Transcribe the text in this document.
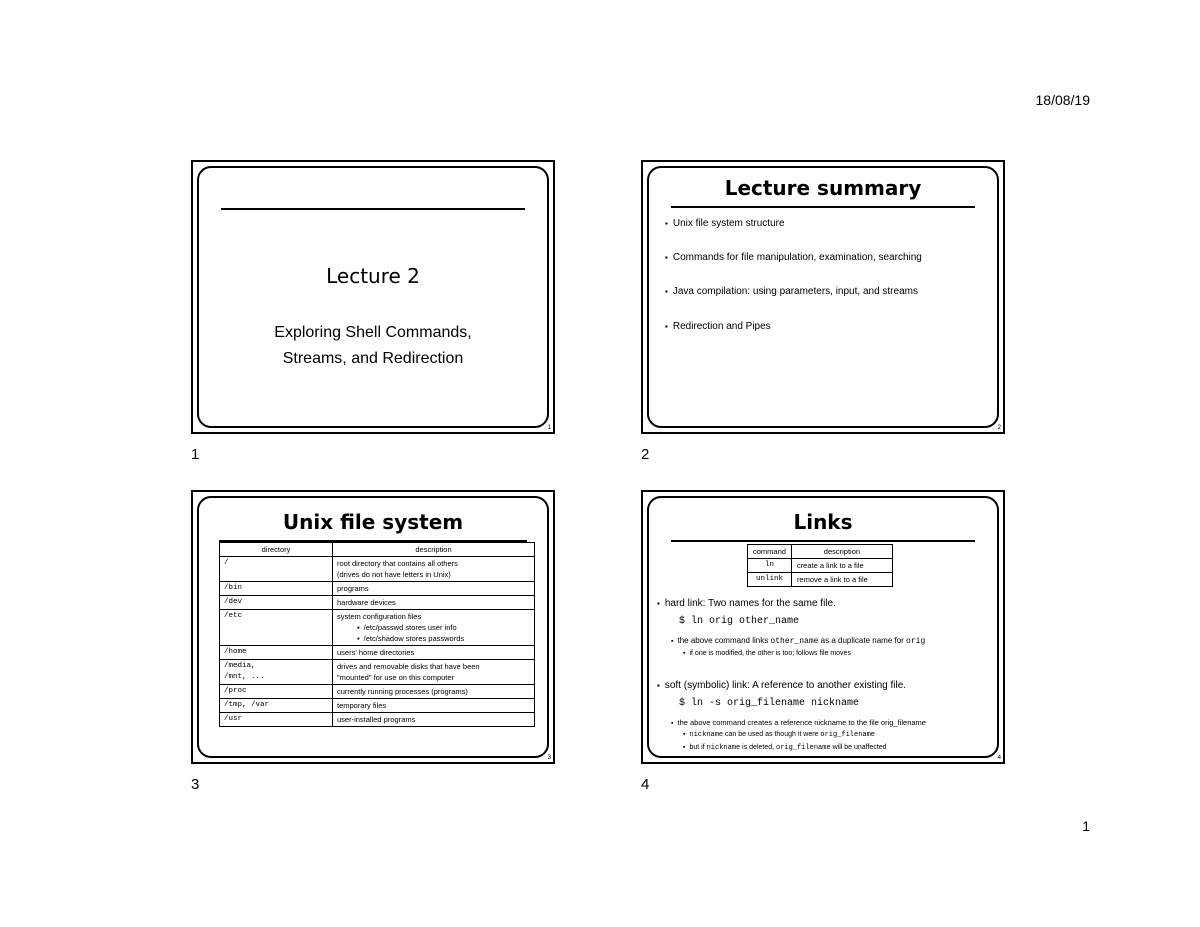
18/08/19
Lecture 2
Exploring Shell Commands,
Streams, and Redirection
1
1
Lecture summary
▪ Unix file system structure
▪ Commands for file manipulation, examination, searching
▪ Java compilation: using parameters, input, and streams
▪ Redirection and Pipes
2
2
Unix file system
directory	description
/	root directory that contains all others
(drives do not have letters in Unix)
/bin	programs
/dev	hardware devices
/etc	system configuration files
▪ /etc/passwd stores user info
▪ /etc/shadow stores passwords

/home	users' home directories
/media,
/mnt, ...	drives and removable disks that have been
"mounted" for use on this computer
/proc	currently running processes (programs)
/tmp, /var	temporary files
/usr	user-installed programs
3
3
Links
command	description
ln	create a link to a file
unlink	remove a link to a file
▪ hard link: Two names for the same file.
$ ln orig other_name
▪ the above command links other_name as a duplicate name for orig
▪ if one is modified, the other is too; follows file moves
▪ soft (symbolic) link: A reference to another existing file.
$ ln -s orig_filename nickname
▪ the above command creates a reference nickname to the file orig_filename
▪ nickname can be used as though it were orig_filename
▪ but if nickname is deleted, orig_filename will be unaffected
4
4
1
